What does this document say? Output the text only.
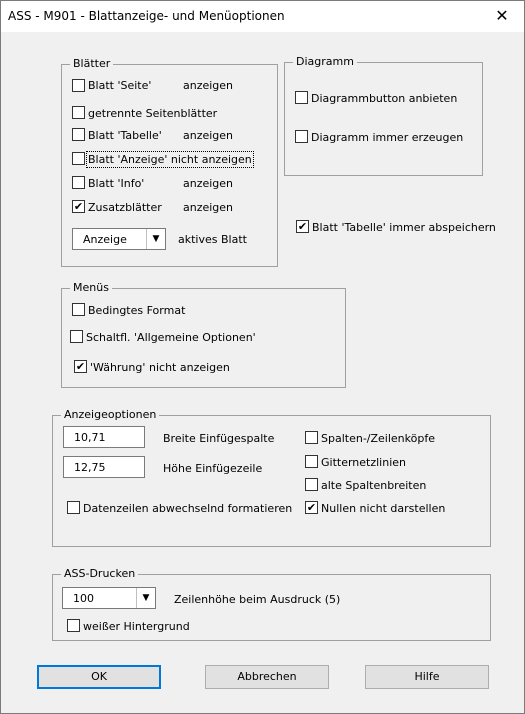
ASS - M901 - Blattanzeige- und Menüoptionen	✕
Blätter
Blatt 'Seite'	anzeigen
getrennte Seitenblätter
Blatt 'Tabelle' anzeigen
Blatt 'Anzeige' nicht anzeigen
Blatt 'Info'	anzeigen
✔ Zusatzblätter anzeigen
Anzeige	▼	aktives Blatt
Diagramm
Diagrammbutton anbieten
Diagramm immer erzeugen
✔ Blatt 'Tabelle' immer abspeichern
Menüs
Bedingtes Format
Schaltfl. 'Allgemeine Optionen'
✔ 'Währung' nicht anzeigen
Anzeigeoptionen
10,71	Breite Einfügespalte
12,75	Höhe Einfügezeile
Datenzeilen abwechselnd formatieren
Spalten-/Zeilenköpfe
Gitternetzlinien
alte Spaltenbreiten
✔ Nullen nicht darstellen
ASS-Drucken
100	▼	Zeilenhöhe beim Ausdruck (5)
weißer Hintergrund
OK	Abbrechen	Hilfe
